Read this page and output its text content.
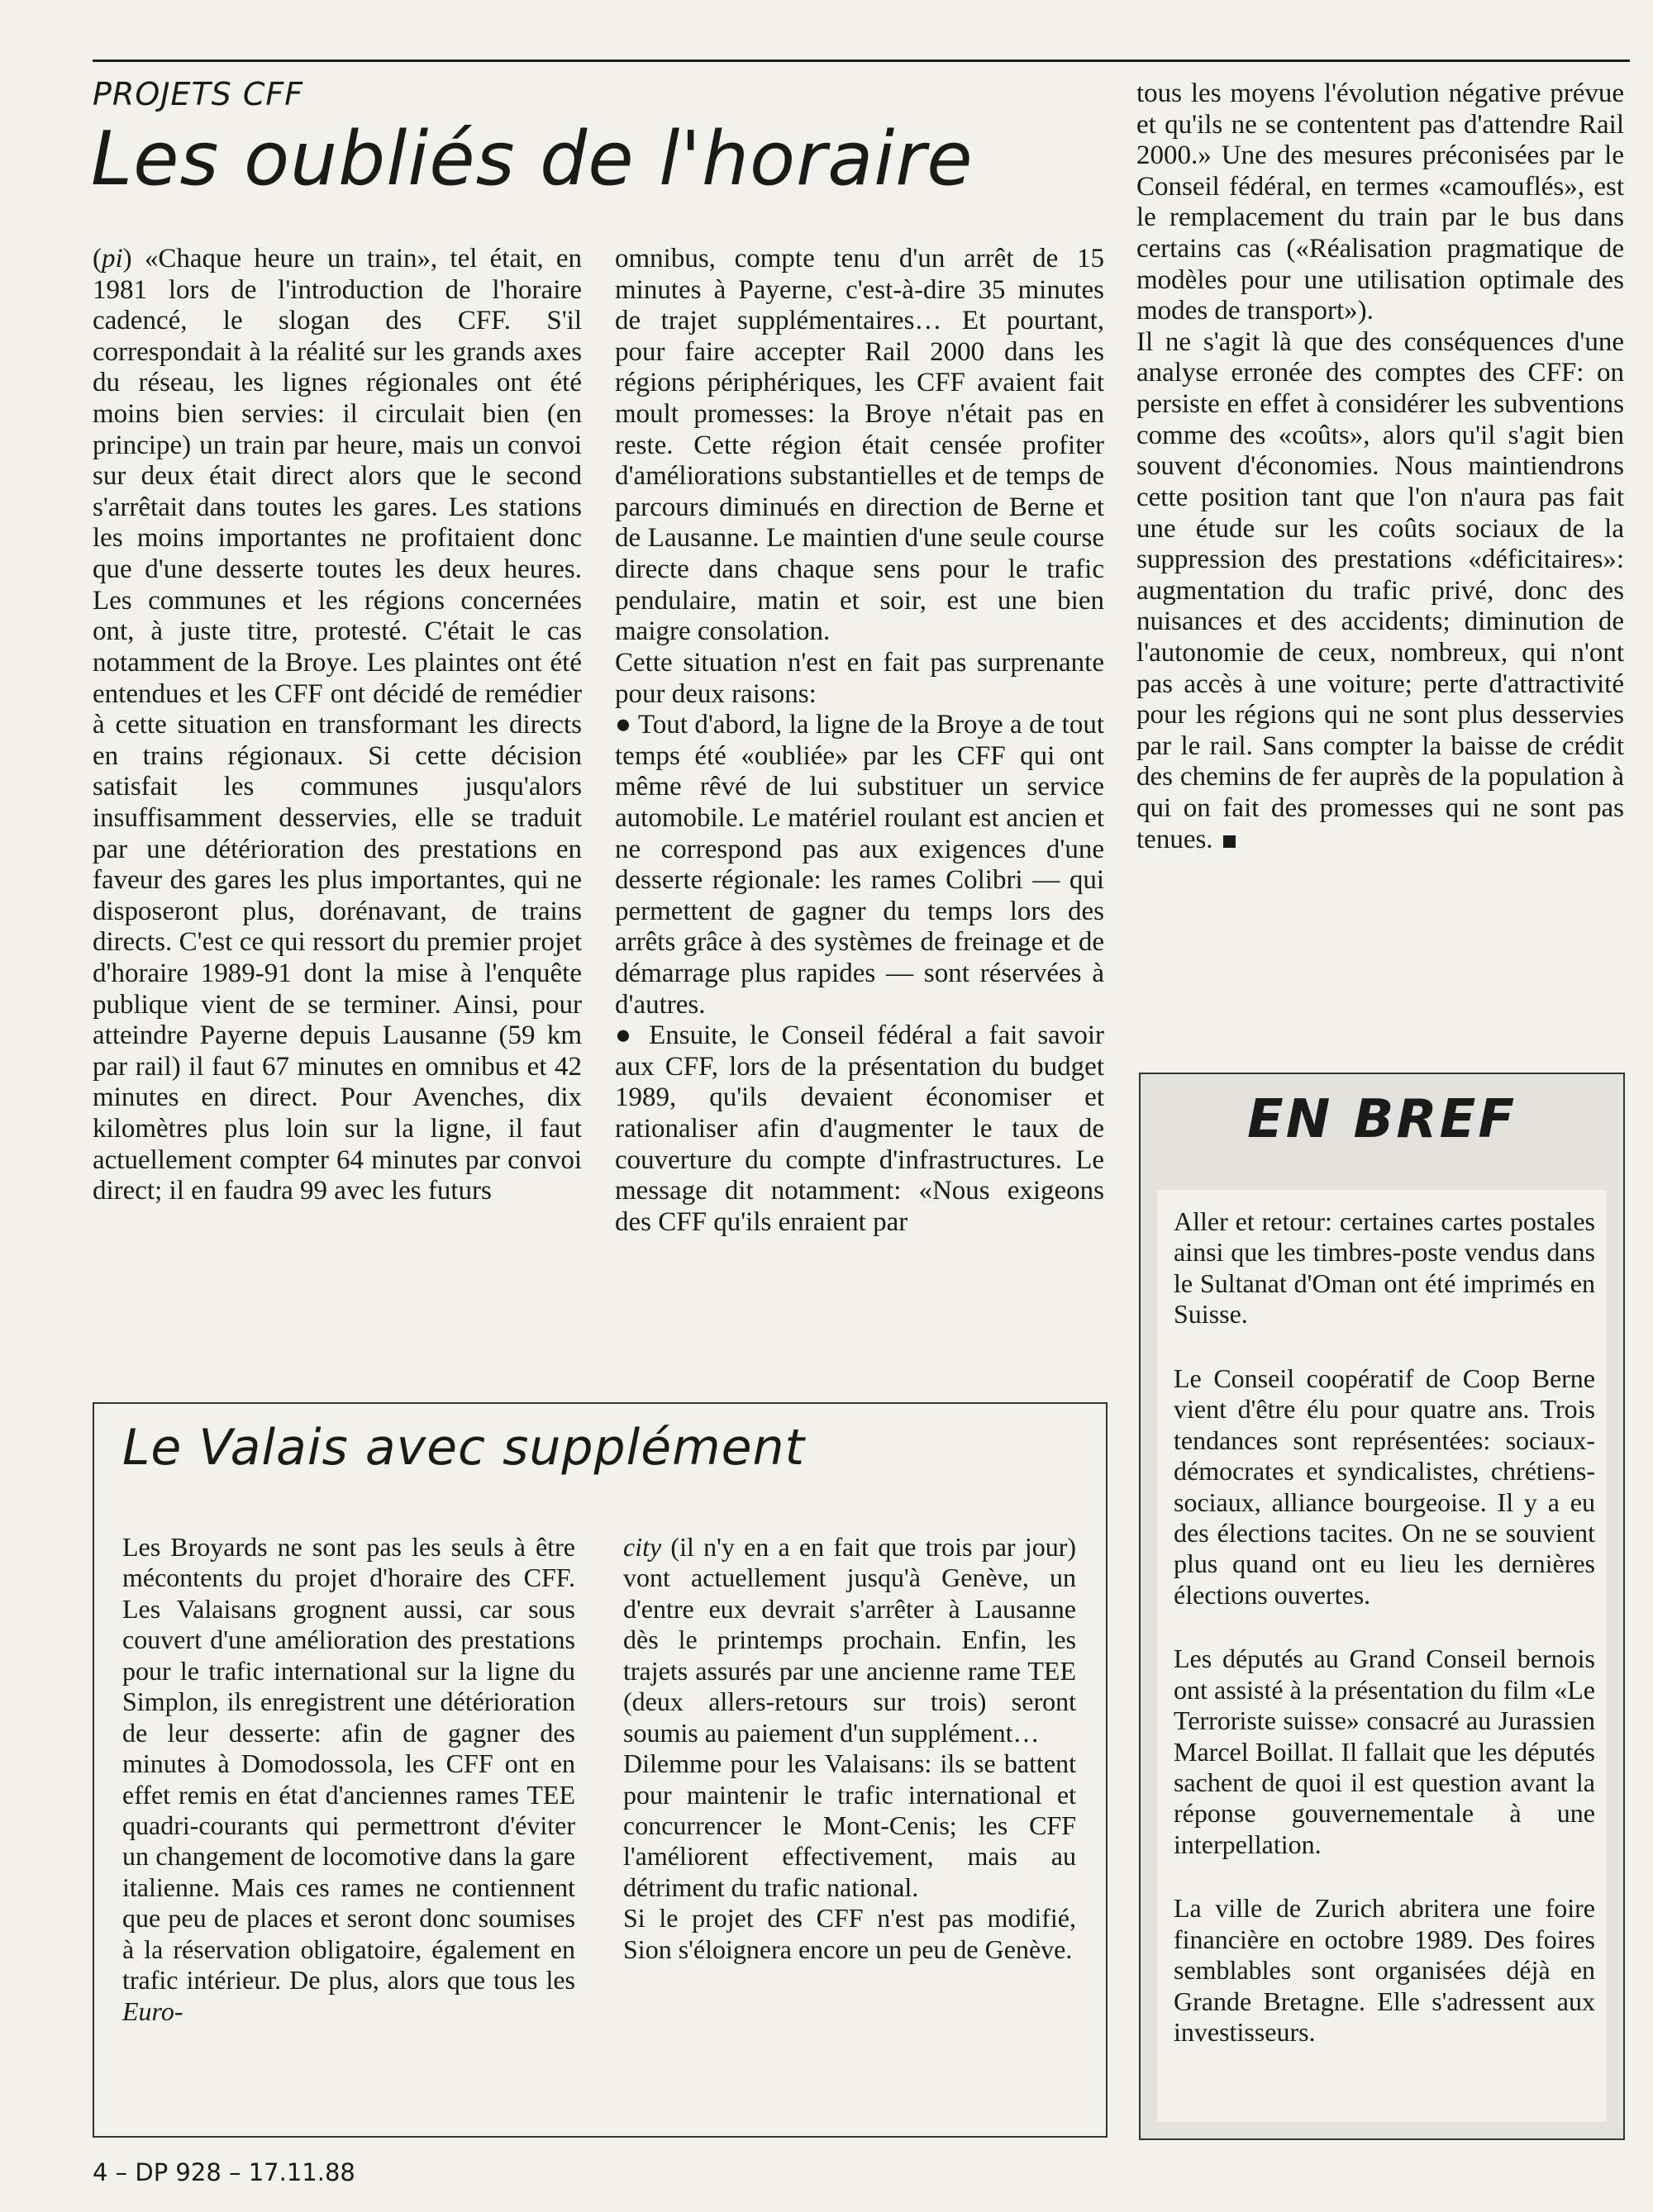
PROJETS CFF
Les oubliés de l'horaire

(pi) «Chaque heure un train», tel était, en 1981 lors de l'introduction de l'horaire cadencé, le slogan des CFF. S'il correspondait à la réalité sur les grands axes du réseau, les lignes régionales ont été moins bien servies: il circulait bien (en principe) un train par heure, mais un convoi sur deux était direct alors que le second s'arrêtait dans toutes les gares. Les stations les moins importantes ne profitaient donc que d'une desserte toutes les deux heures. Les communes et les régions concernées ont, à juste titre, protesté. C'était le cas notamment de la Broye. Les plaintes ont été entendues et les CFF ont décidé de remédier à cette situation en transformant les directs en trains régionaux. Si cette décision satisfait les communes jusqu'alors insuffisamment desservies, elle se traduit par une détérioration des prestations en faveur des gares les plus importantes, qui ne disposeront plus, dorénavant, de trains directs. C'est ce qui ressort du premier projet d'horaire 1989-91 dont la mise à l'enquête publique vient de se terminer. Ainsi, pour atteindre Payerne depuis Lausanne (59 km par rail) il faut 67 minutes en omnibus et 42 minutes en direct. Pour Avenches, dix kilomètres plus loin sur la ligne, il faut actuellement compter 64 minutes par convoi direct; il en faudra 99 avec les futurs

omnibus, compte tenu d'un arrêt de 15 minutes à Payerne, c'est-à-dire 35 minutes de trajet supplémentaires… Et pourtant, pour faire accepter Rail 2000 dans les régions périphériques, les CFF avaient fait moult promesses: la Broye n'était pas en reste. Cette région était censée profiter d'améliorations substantielles et de temps de parcours diminués en direction de Berne et de Lausanne. Le maintien d'une seule course directe dans chaque sens pour le trafic pendulaire, matin et soir, est une bien maigre consolation.

Cette situation n'est en fait pas surprenante pour deux raisons:

● Tout d'abord, la ligne de la Broye a de tout temps été «oubliée» par les CFF qui ont même rêvé de lui substituer un service automobile. Le matériel roulant est ancien et ne correspond pas aux exigences d'une desserte régionale: les rames Colibri — qui permettent de gagner du temps lors des arrêts grâce à des systèmes de freinage et de démarrage plus rapides — sont réservées à d'autres.

● Ensuite, le Conseil fédéral a fait savoir aux CFF, lors de la présentation du budget 1989, qu'ils devaient économiser et rationaliser afin d'augmenter le taux de couverture du compte d'infrastructures. Le message dit notamment: «Nous exigeons des CFF qu'ils enraient par

tous les moyens l'évolution négative prévue et qu'ils ne se contentent pas d'attendre Rail 2000.» Une des mesures préconisées par le Conseil fédéral, en termes «camouflés», est le remplacement du train par le bus dans certains cas («Réalisation pragmatique de modèles pour une utilisation optimale des modes de transport»).

Il ne s'agit là que des conséquences d'une analyse erronée des comptes des CFF: on persiste en effet à considérer les subventions comme des «coûts», alors qu'il s'agit bien souvent d'économies. Nous maintiendrons cette position tant que l'on n'aura pas fait une étude sur les coûts sociaux de la suppression des prestations «déficitaires»: augmentation du trafic privé, donc des nuisances et des accidents; diminution de l'autonomie de ceux, nombreux, qui n'ont pas accès à une voiture; perte d'attractivité pour les régions qui ne sont plus desservies par le rail. Sans compter la baisse de crédit des chemins de fer auprès de la population à qui on fait des promesses qui ne sont pas tenues.

Le Valais avec supplément

Les Broyards ne sont pas les seuls à être mécontents du projet d'horaire des CFF. Les Valaisans grognent aussi, car sous couvert d'une amélioration des prestations pour le trafic international sur la ligne du Simplon, ils enregistrent une détérioration de leur desserte: afin de gagner des minutes à Domodossola, les CFF ont en effet remis en état d'anciennes rames TEE quadri-courants qui permettront d'éviter un changement de locomotive dans la gare italienne. Mais ces rames ne contiennent que peu de places et seront donc soumises à la réservation obligatoire, également en trafic intérieur. De plus, alors que tous les Euro-

city (il n'y en a en fait que trois par jour) vont actuellement jusqu'à Genève, un d'entre eux devrait s'arrêter à Lausanne dès le printemps prochain. Enfin, les trajets assurés par une ancienne rame TEE (deux allers-retours sur trois) seront soumis au paiement d'un supplément…

Dilemme pour les Valaisans: ils se battent pour maintenir le trafic international et concurrencer le Mont-Cenis; les CFF l'améliorent effectivement, mais au détriment du trafic national.

Si le projet des CFF n'est pas modifié, Sion s'éloignera encore un peu de Genève.

EN BREF

Aller et retour: certaines cartes postales ainsi que les timbres-poste vendus dans le Sultanat d'Oman ont été imprimés en Suisse.

Le Conseil coopératif de Coop Berne vient d'être élu pour quatre ans. Trois tendances sont représentées: sociaux-démocrates et syndicalistes, chrétiens-sociaux, alliance bourgeoise. Il y a eu des élections tacites. On ne se souvient plus quand ont eu lieu les dernières élections ouvertes.

Les députés au Grand Conseil bernois ont assisté à la présentation du film «Le Terroriste suisse» consacré au Jurassien Marcel Boillat. Il fallait que les députés sachent de quoi il est question avant la réponse gouvernementale à une interpellation.

La ville de Zurich abritera une foire financière en octobre 1989. Des foires semblables sont organisées déjà en Grande Bretagne. Elle s'adressent aux investisseurs.

4 – DP 928 – 17.11.88
